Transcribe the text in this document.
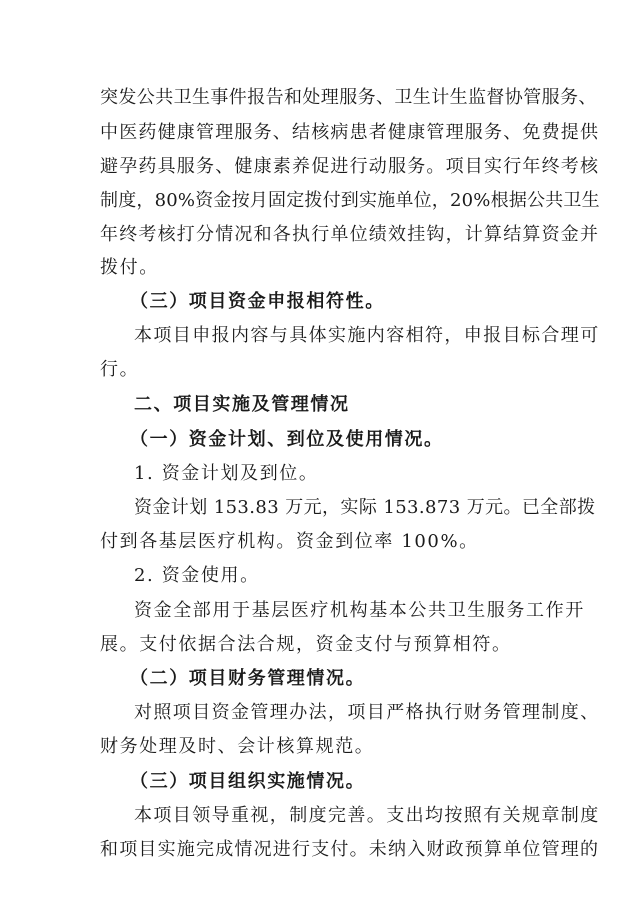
突发公共卫生事件报告和处理服务、卫生计生监督协管服务、
中医药健康管理服务、结核病患者健康管理服务、免费提供
避孕药具服务、健康素养促进行动服务。项目实行年终考核
制度，80%资金按月固定拨付到实施单位，20%根据公共卫生
年终考核打分情况和各执行单位绩效挂钩，计算结算资金并
拨付。
（三）项目资金申报相符性。
本项目申报内容与具体实施内容相符，申报目标合理可
行。
二、项目实施及管理情况
（一）资金计划、到位及使用情况。
1. 资金计划及到位。
资金计划 153.83 万元，实际 153.873 万元。已全部拨
付到各基层医疗机构。资金到位率 100%。
2. 资金使用。
资金全部用于基层医疗机构基本公共卫生服务工作开
展。支付依据合法合规，资金支付与预算相符。
（二）项目财务管理情况。
对照项目资金管理办法，项目严格执行财务管理制度、
财务处理及时、会计核算规范。
（三）项目组织实施情况。
本项目领导重视，制度完善。支出均按照有关规章制度
和项目实施完成情况进行支付。未纳入财政预算单位管理的
